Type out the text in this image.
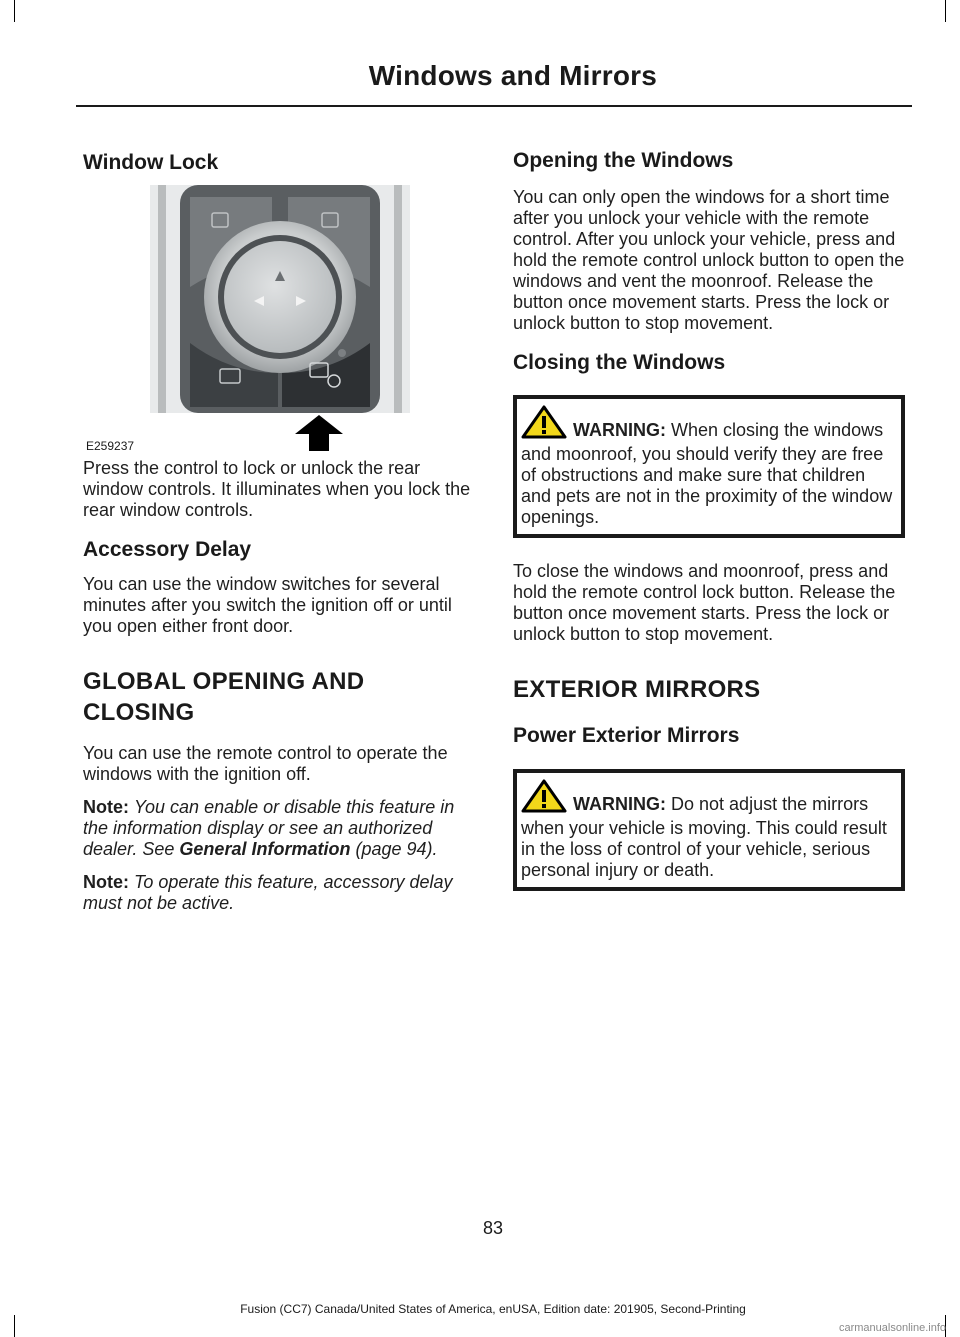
Windows and Mirrors
Window Lock
E259237

Press the control to lock or unlock the rear window controls. It illuminates when you lock the rear window controls.

Accessory Delay

You can use the window switches for several minutes after you switch the ignition off or until you open either front door.

GLOBAL OPENING AND
CLOSING

You can use the remote control to operate the windows with the ignition off.

Note: You can enable or disable this feature in the information display or see an authorized dealer. See General Information (page 94).

Note: To operate this feature, accessory delay must not be active.

Opening the Windows

You can only open the windows for a short time after you unlock your vehicle with the remote control. After you unlock your vehicle, press and hold the remote control unlock button to open the windows and vent the moonroof. Release the button once movement starts. Press the lock or unlock button to stop movement.

Closing the Windows

WARNING: When closing the windows and moonroof, you should verify they are free of obstructions and make sure that children and pets are not in the proximity of the window openings.

To close the windows and moonroof, press and hold the remote control lock button. Release the button once movement starts. Press the lock or unlock button to stop movement.

EXTERIOR MIRRORS
Power Exterior Mirrors

WARNING: Do not adjust the mirrors when your vehicle is moving. This could result in the loss of control of your vehicle, serious personal injury or death.

83
Fusion (CC7) Canada/United States of America, enUSA, Edition date: 201905, Second-Printing
carmanualsonline.info
